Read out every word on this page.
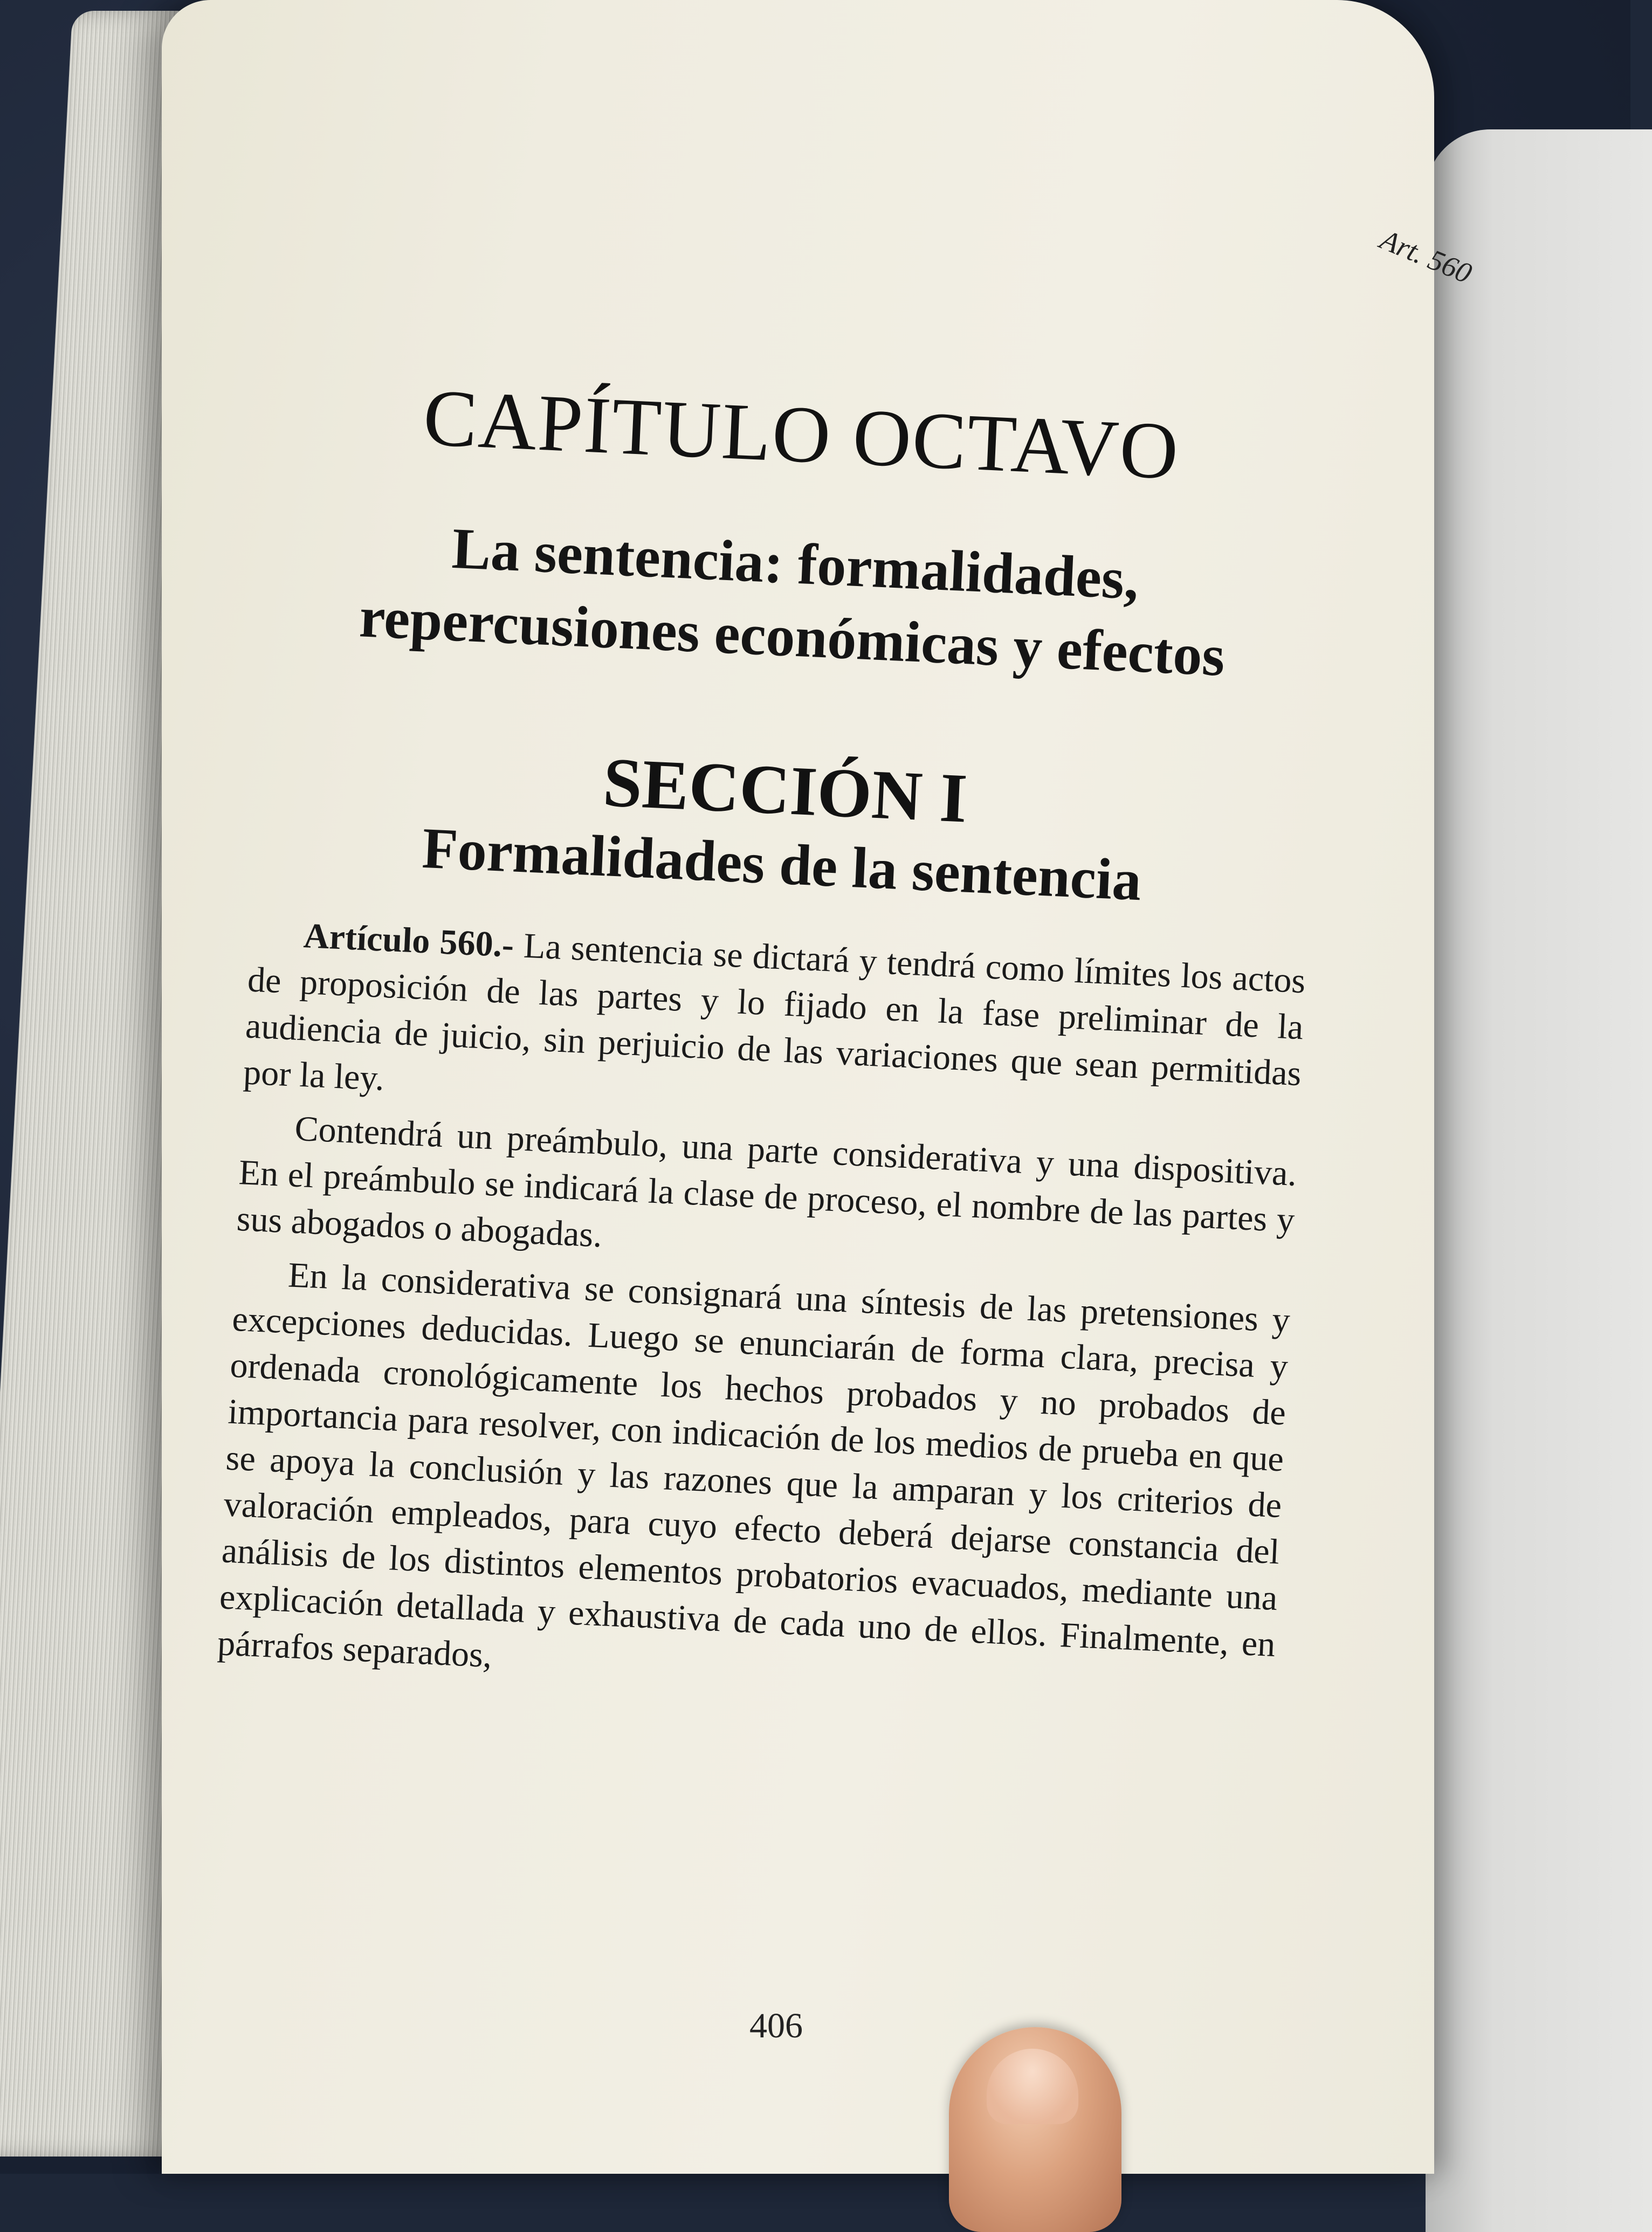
Art. 560
CAPÍTULO OCTAVO
La sentencia: formalidades,
repercusiones económicas y efectos
SECCIÓN I
Formalidades de la sentencia

Artículo 560.- La sentencia se dictará y tendrá como límites los actos de proposición de las partes y lo fijado en la fase preliminar de la audiencia de juicio, sin perjuicio de las variaciones que sean permitidas por la ley.

Contendrá un preámbulo, una parte considerativa y una dispositiva. En el preámbulo se indicará la clase de proceso, el nombre de las partes y sus abogados o abogadas.

En la considerativa se consignará una síntesis de las pretensiones y excepciones deducidas. Luego se enunciarán de forma clara, precisa y ordenada cronológicamente los hechos probados y no probados de importancia para resolver, con indicación de los medios de prueba en que se apoya la conclusión y las razones que la amparan y los criterios de valoración empleados, para cuyo efecto deberá dejarse constancia del análisis de los distintos elementos probatorios evacuados, mediante una explicación detallada y exhaustiva de cada uno de ellos. Finalmente, en párrafos separados,

406
